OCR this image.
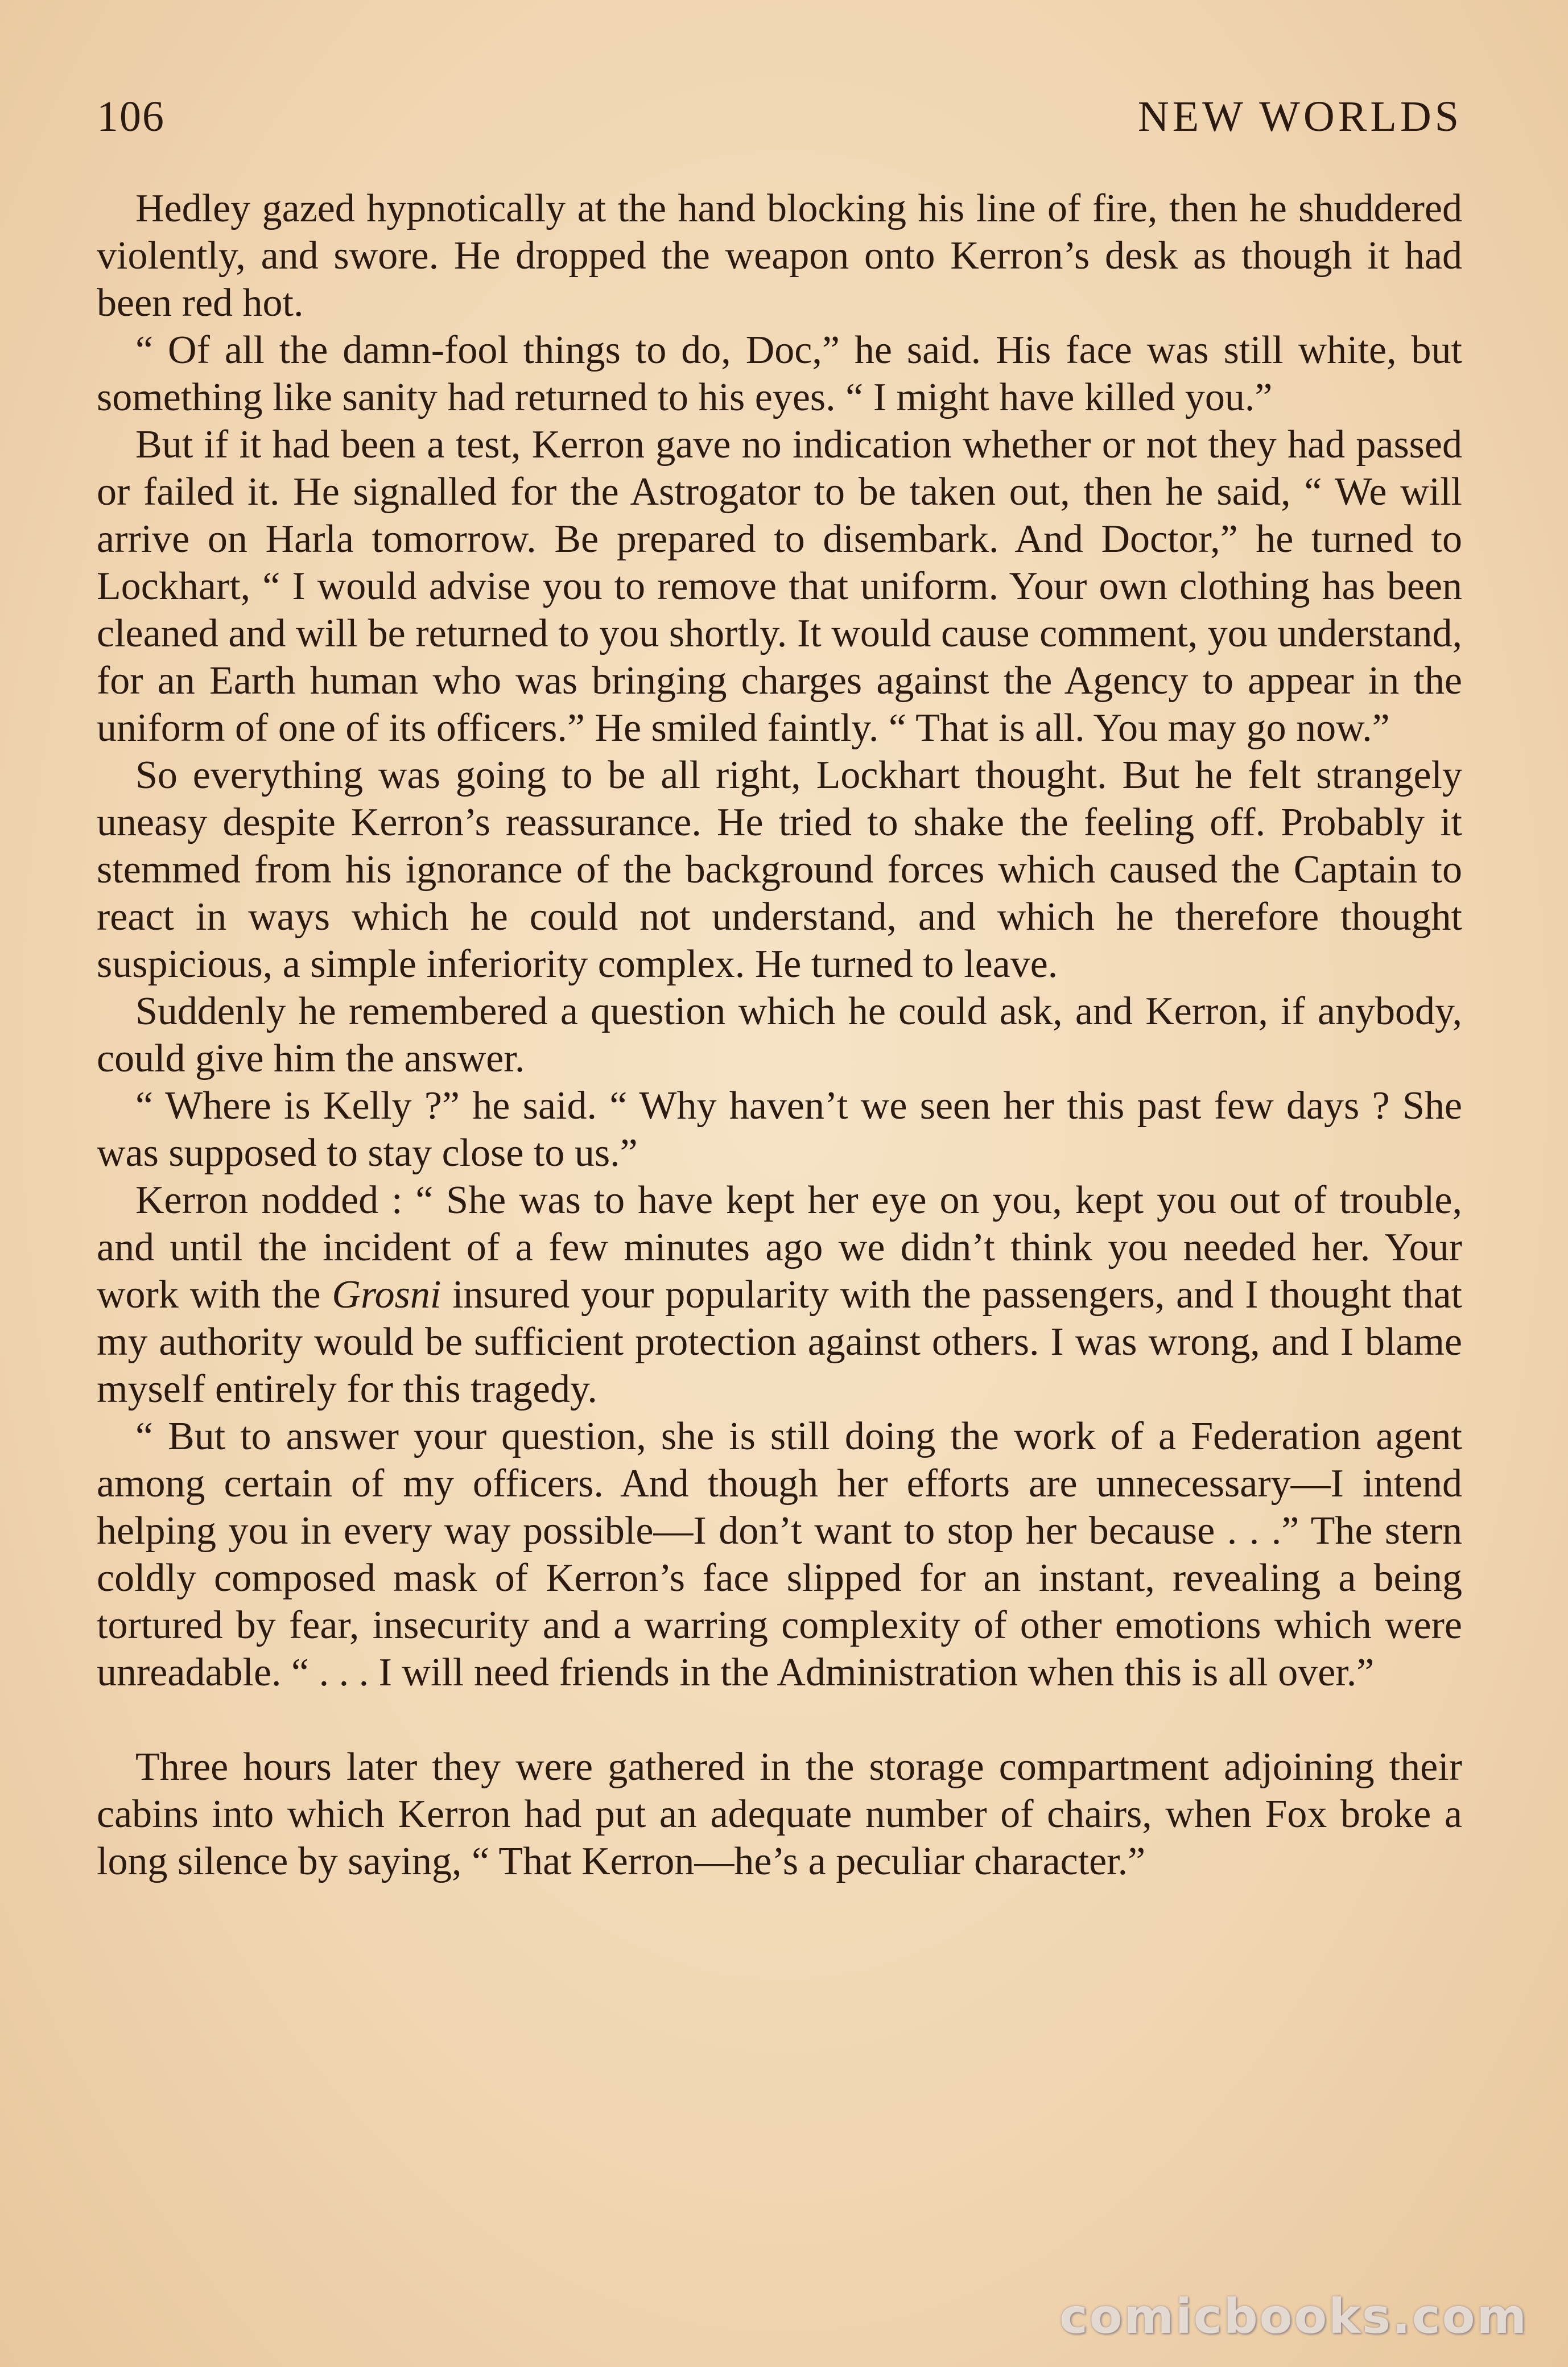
106	NEW WORLDS

Hedley gazed hypnotically at the hand blocking his line of fire, then he shuddered violently, and swore. He dropped the weapon onto Kerron’s desk as though it had been red hot.

“ Of all the damn-fool things to do, Doc,” he said. His face was still white, but something like sanity had returned to his eyes. “ I might have killed you.”

But if it had been a test, Kerron gave no indication whether or not they had passed or failed it. He signalled for the Astrogator to be taken out, then he said, “ We will arrive on Harla tomorrow. Be prepared to disembark. And Doctor,” he turned to Lockhart, “ I would advise you to remove that uniform. Your own clothing has been cleaned and will be returned to you shortly. It would cause comment, you understand, for an Earth human who was bringing charges against the Agency to appear in the uniform of one of its officers.” He smiled faintly. “ That is all. You may go now.”

So everything was going to be all right, Lockhart thought. But he felt strangely uneasy despite Kerron’s reassurance. He tried to shake the feeling off. Probably it stemmed from his ignorance of the background forces which caused the Captain to react in ways which he could not understand, and which he therefore thought suspicious, a simple inferiority complex. He turned to leave.

Suddenly he remembered a question which he could ask, and Kerron, if anybody, could give him the answer.

“ Where is Kelly ?” he said. “ Why haven’t we seen her this past few days ? She was supposed to stay close to us.”

Kerron nodded : “ She was to have kept her eye on you, kept you out of trouble, and until the incident of a few minutes ago we didn’t think you needed her. Your work with the Grosni insured your popularity with the passengers, and I thought that my authority would be sufficient protection against others. I was wrong, and I blame myself entirely for this tragedy.

“ But to answer your question, she is still doing the work of a Federation agent among certain of my officers. And though her efforts are unnecessary—I intend helping you in every way possible—I don’t want to stop her because . . .” The stern coldly composed mask of Kerron’s face slipped for an instant, revealing a being tortured by fear, insecurity and a warring complexity of other emotions which were unreadable. “ . . . I will need friends in the Administration when this is all over.”

Three hours later they were gathered in the storage compartment adjoining their cabins into which Kerron had put an adequate number of chairs, when Fox broke a long silence by saying, “ That Kerron—he’s a peculiar character.”

comicbooks.com
